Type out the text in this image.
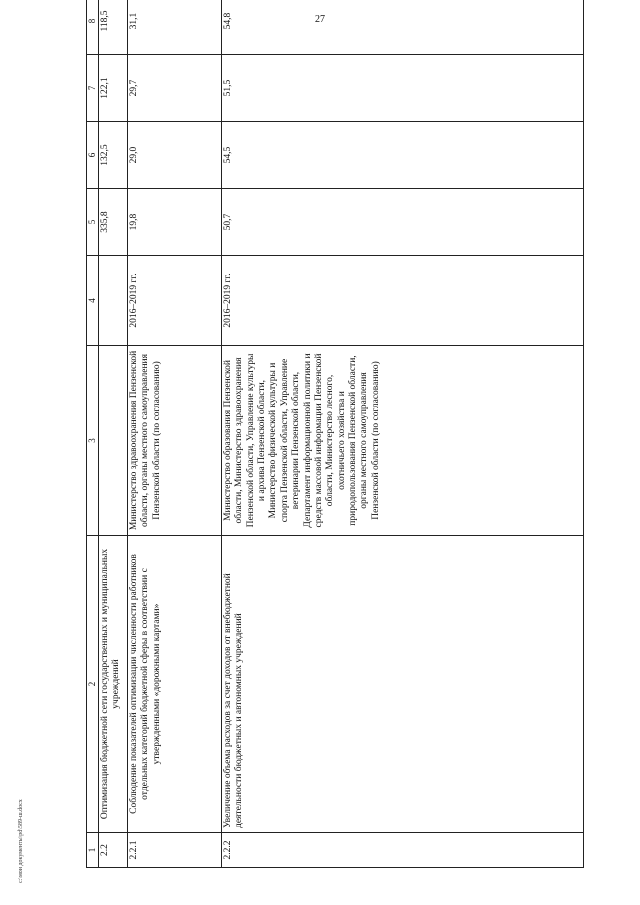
27
1	2	3	4	5	6	7	8
2.2	Оптимизация бюджетной сети государственных и муниципальных учреждений			335,8	132,5	122,1	118,5
2.2.1	Соблюдение показателей оптимизации численности работников отдельных категорий бюджетной сферы в соответствии с утвержденными «дорожными картами»	Министерство здравоохранения Пензенской области, органы местного самоуправления Пензенской области (по согласованию)	2016–2019 гг.	19,8	29,0	29,7	31,1
2.2.2	Увеличение объема расходов за счет доходов от внебюджетной деятельности бюджетных и автономных учреждений	Министерство образования Пензенской области, Министерство здравоохранения Пензенской области, Управление культуры и архива Пензенской области, Министерство физической культуры и спорта Пензенской области, Управление ветеринарии Пензенской области, Департамент информационной политики и средств массовой информации Пензенской области, Министерство лесного, охотничьего хозяйства и природопользования Пензенской области, органы местного самоуправления Пензенской области (по согласованию)	2016–2019 гг.	50,7	54,5	51,5	54,8
c:\мои документы\pd\589-ш.docx
